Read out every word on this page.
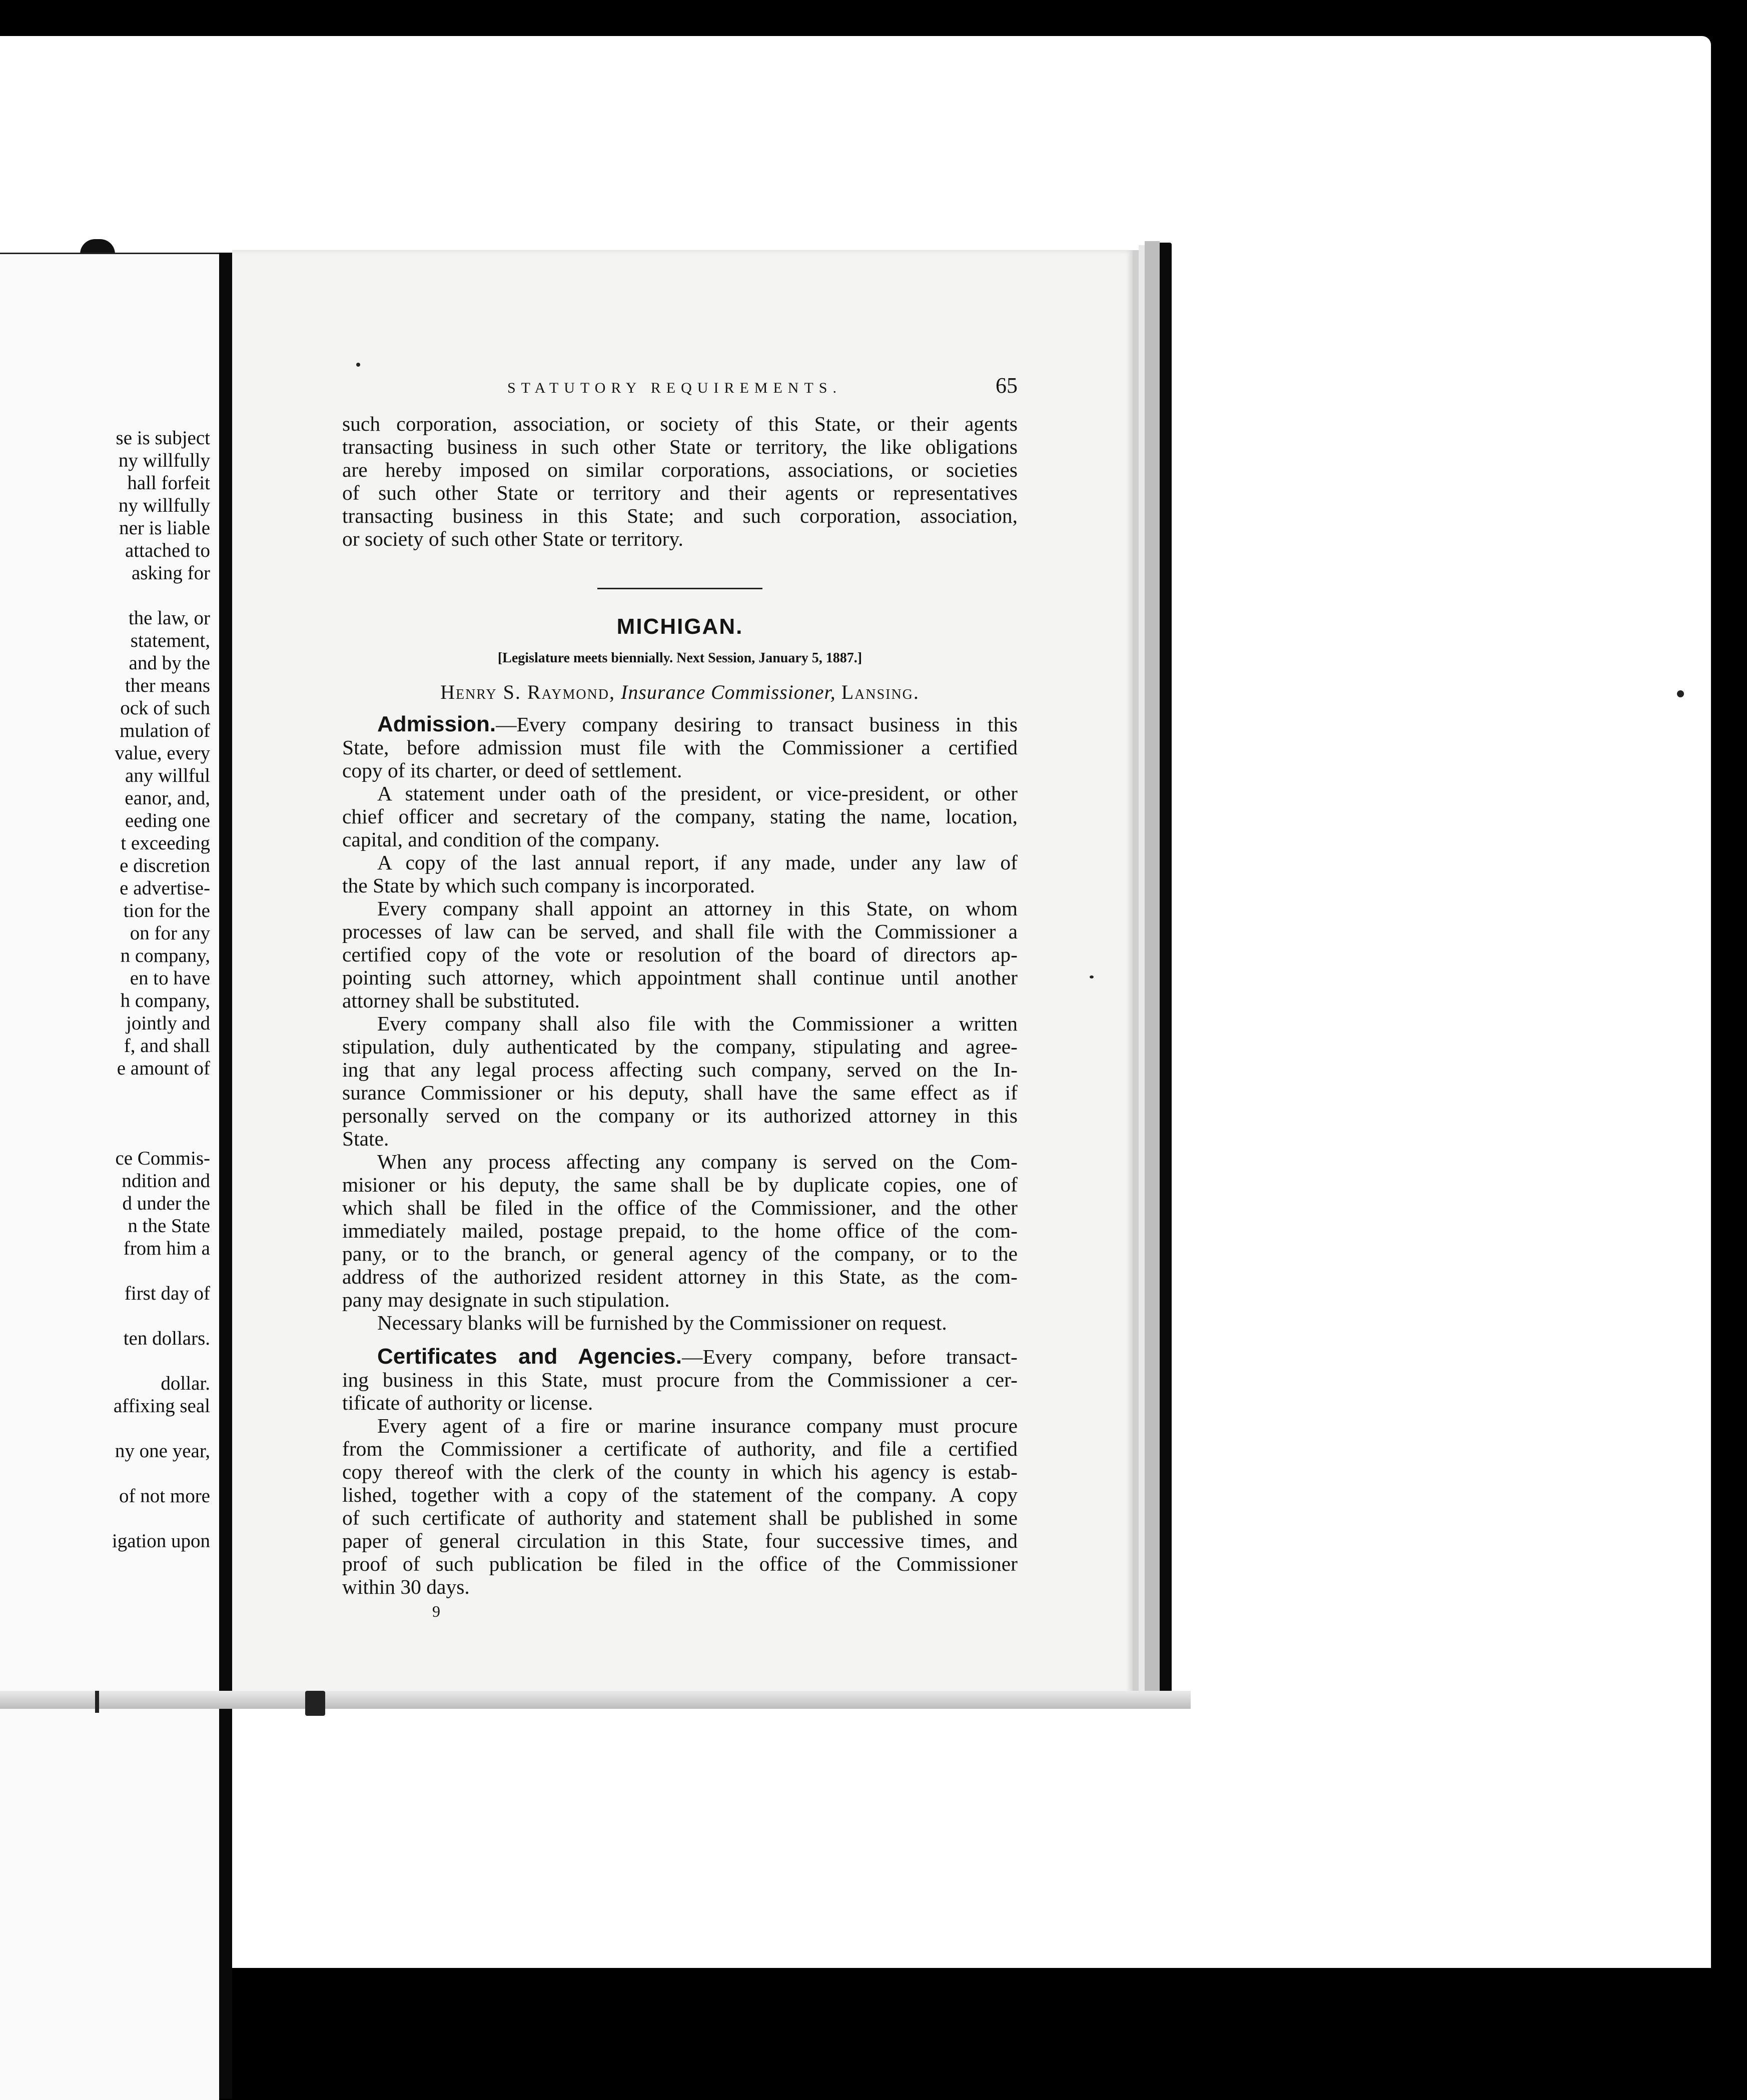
se is subject
ny willfully
hall forfeit
ny willfully
ner is liable
attached to
asking for
the law, or
statement,
and by the
ther means
ock of such
mulation of
value, every
any willful
eanor, and,
eeding one
t exceeding
e discretion
e advertise-
tion for the
on for any
n company,
en to have
h company,
jointly and
f, and shall
e amount of
ce Commis-
ndition and
d under the
n the State
from him a
first day of
ten dollars.
dollar.
affixing seal
ny one year,
of not more
igation upon
STATUTORY REQUIREMENTS.	65
such corporation, association, or society of this State, or their agents
transacting business in such other State or territory, the like obligations
are hereby imposed on similar corporations, associations, or societies
of such other State or territory and their agents or representatives
transacting business in this State; and such corporation, association,
or society of such other State or territory.
MICHIGAN.
[Legislature meets biennially. Next Session, January 5, 1887.]
Henry S. Raymond, Insurance Commissioner, Lansing.
Admission.—Every company desiring to transact business in this
State, before admission must file with the Commissioner a certified
copy of its charter, or deed of settlement.
A statement under oath of the president, or vice-president, or other
chief officer and secretary of the company, stating the name, location,
capital, and condition of the company.
A copy of the last annual report, if any made, under any law of
the State by which such company is incorporated.
Every company shall appoint an attorney in this State, on whom
processes of law can be served, and shall file with the Commissioner a
certified copy of the vote or resolution of the board of directors ap-
pointing such attorney, which appointment shall continue until another
attorney shall be substituted.
Every company shall also file with the Commissioner a written
stipulation, duly authenticated by the company, stipulating and agree-
ing that any legal process affecting such company, served on the In-
surance Commissioner or his deputy, shall have the same effect as if
personally served on the company or its authorized attorney in this
State.
When any process affecting any company is served on the Com-
misioner or his deputy, the same shall be by duplicate copies, one of
which shall be filed in the office of the Commissioner, and the other
immediately mailed, postage prepaid, to the home office of the com-
pany, or to the branch, or general agency of the company, or to the
address of the authorized resident attorney in this State, as the com-
pany may designate in such stipulation.
Necessary blanks will be furnished by the Commissioner on request.
Certificates and Agencies.—Every company, before transact-
ing business in this State, must procure from the Commissioner a cer-
tificate of authority or license.
Every agent of a fire or marine insurance company must procure
from the Commissioner a certificate of authority, and file a certified
copy thereof with the clerk of the county in which his agency is estab-
lished, together with a copy of the statement of the company. A copy
of such certificate of authority and statement shall be published in some
paper of general circulation in this State, four successive times, and
proof of such publication be filed in the office of the Commissioner
within 30 days.
9
